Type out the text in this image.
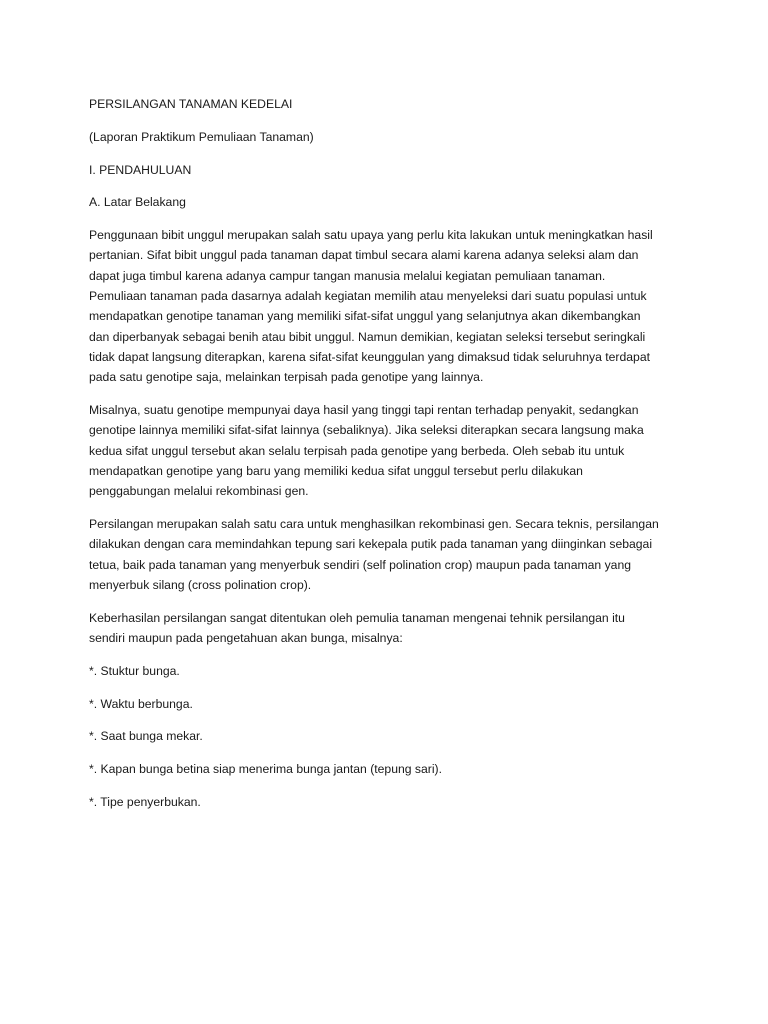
PERSILANGAN TANAMAN KEDELAI
(Laporan Praktikum Pemuliaan Tanaman)
I. PENDAHULUAN
A. Latar Belakang
Penggunaan bibit unggul merupakan salah satu upaya yang perlu kita lakukan untuk meningkatkan hasil
pertanian. Sifat bibit unggul pada tanaman dapat timbul secara alami karena adanya seleksi alam dan
dapat juga timbul karena adanya campur tangan manusia melalui kegiatan pemuliaan tanaman.
Pemuliaan tanaman pada dasarnya adalah kegiatan memilih atau menyeleksi dari suatu populasi untuk
mendapatkan genotipe tanaman yang memiliki sifat-sifat unggul yang selanjutnya akan dikembangkan
dan diperbanyak sebagai benih atau bibit unggul. Namun demikian, kegiatan seleksi tersebut seringkali
tidak dapat langsung diterapkan, karena sifat-sifat keunggulan yang dimaksud tidak seluruhnya terdapat
pada satu genotipe saja, melainkan terpisah pada genotipe yang lainnya.
Misalnya, suatu genotipe mempunyai daya hasil yang tinggi tapi rentan terhadap penyakit, sedangkan
genotipe lainnya memiliki sifat-sifat lainnya (sebaliknya). Jika seleksi diterapkan secara langsung maka
kedua sifat unggul tersebut akan selalu terpisah pada genotipe yang berbeda. Oleh sebab itu untuk
mendapatkan genotipe yang baru yang memiliki kedua sifat unggul tersebut perlu dilakukan
penggabungan melalui rekombinasi gen.
Persilangan merupakan salah satu cara untuk menghasilkan rekombinasi gen. Secara teknis, persilangan
dilakukan dengan cara memindahkan tepung sari kekepala putik pada tanaman yang diinginkan sebagai
tetua, baik pada tanaman yang menyerbuk sendiri (self polination crop) maupun pada tanaman yang
menyerbuk silang (cross polination crop).
Keberhasilan persilangan sangat ditentukan oleh pemulia tanaman mengenai tehnik persilangan itu
sendiri maupun pada pengetahuan akan bunga, misalnya:
*. Stuktur bunga.
*. Waktu berbunga.
*. Saat bunga mekar.
*. Kapan bunga betina siap menerima bunga jantan (tepung sari).
*. Tipe penyerbukan.
